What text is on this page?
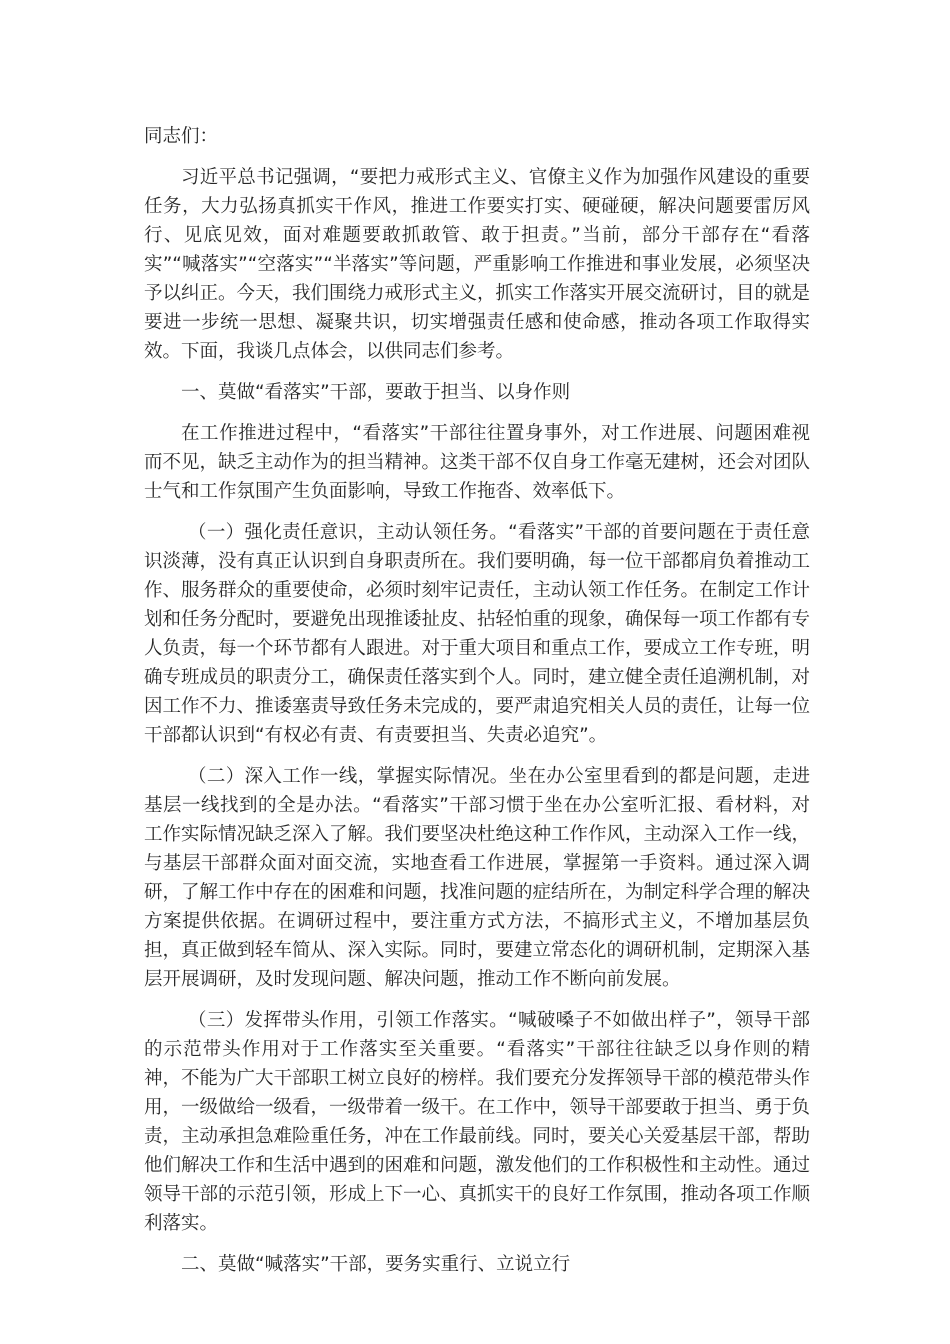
同志们：

习近平总书记强调，“要把力戒形式主义、官僚主义作为加强作风建设的重要任务，大力弘扬真抓实干作风，推进工作要实打实、硬碰硬，解决问题要雷厉风行、见底见效，面对难题要敢抓敢管、敢于担责。”当前，部分干部存在“看落实”“喊落实”“空落实”“半落实”等问题，严重影响工作推进和事业发展，必须坚决予以纠正。今天，我们围绕力戒形式主义，抓实工作落实开展交流研讨，目的就是要进一步统一思想、凝聚共识，切实增强责任感和使命感，推动各项工作取得实效。下面，我谈几点体会，以供同志们参考。

一、莫做“看落实”干部，要敢于担当、以身作则

在工作推进过程中，“看落实”干部往往置身事外，对工作进展、问题困难视而不见，缺乏主动作为的担当精神。这类干部不仅自身工作毫无建树，还会对团队士气和工作氛围产生负面影响，导致工作拖沓、效率低下。

（一）强化责任意识，主动认领任务。“看落实”干部的首要问题在于责任意识淡薄，没有真正认识到自身职责所在。我们要明确，每一位干部都肩负着推动工作、服务群众的重要使命，必须时刻牢记责任，主动认领工作任务。在制定工作计划和任务分配时，要避免出现推诿扯皮、拈轻怕重的现象，确保每一项工作都有专人负责，每一个环节都有人跟进。对于重大项目和重点工作，要成立工作专班，明确专班成员的职责分工，确保责任落实到个人。同时，建立健全责任追溯机制，对因工作不力、推诿塞责导致任务未完成的，要严肃追究相关人员的责任，让每一位干部都认识到“有权必有责、有责要担当、失责必追究”。

（二）深入工作一线，掌握实际情况。坐在办公室里看到的都是问题，走进基层一线找到的全是办法。“看落实”干部习惯于坐在办公室听汇报、看材料，对工作实际情况缺乏深入了解。我们要坚决杜绝这种工作作风，主动深入工作一线，与基层干部群众面对面交流，实地查看工作进展，掌握第一手资料。通过深入调研，了解工作中存在的困难和问题，找准问题的症结所在，为制定科学合理的解决方案提供依据。在调研过程中，要注重方式方法，不搞形式主义，不增加基层负担，真正做到轻车简从、深入实际。同时，要建立常态化的调研机制，定期深入基层开展调研，及时发现问题、解决问题，推动工作不断向前发展。

（三）发挥带头作用，引领工作落实。“喊破嗓子不如做出样子”，领导干部的示范带头作用对于工作落实至关重要。“看落实”干部往往缺乏以身作则的精神，不能为广大干部职工树立良好的榜样。我们要充分发挥领导干部的模范带头作用，一级做给一级看，一级带着一级干。在工作中，领导干部要敢于担当、勇于负责，主动承担急难险重任务，冲在工作最前线。同时，要关心关爱基层干部，帮助他们解决工作和生活中遇到的困难和问题，激发他们的工作积极性和主动性。通过领导干部的示范引领，形成上下一心、真抓实干的良好工作氛围，推动各项工作顺利落实。

二、莫做“喊落实”干部，要务实重行、立说立行
